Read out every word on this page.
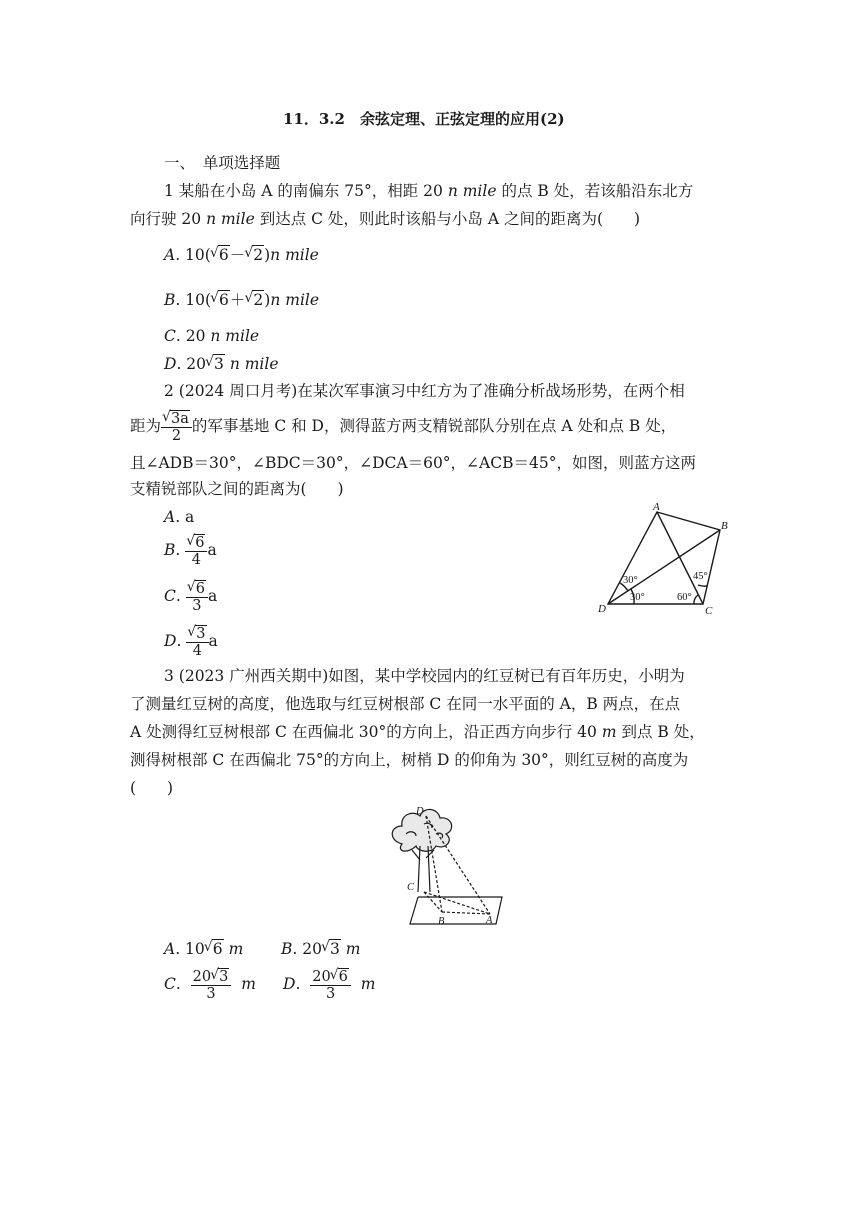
11．3.2　余弦定理、正弦定理的应用(2)
一、　单项选择题
1 某船在小岛 A 的南偏东 75°，相距 20 n mile 的点 B 处，若该船沿东北方
向行驶 20 n mile 到达点 C 处，则此时该船与小岛 A 之间的距离为(　　)
A. 10( √ 6－ √ 2)n mile
B. 10( √ 6＋ √ 2)n mile
C. 20 n mile
D. 20 √ 3 n mile
2 (2024 周口月考)在某次军事演习中红方为了准确分析战场形势，在两个相
距为 √ $\frac{3a}{2}$ 的军事基地 C 和 D，测得蓝方两支精锐部队分别在点 A 处和点 B 处，
且∠ADB＝30°，∠BDC＝30°，∠DCA＝60°，∠ACB＝45°，如图，则蓝方这两
支精锐部队之间的距离为(　　)
A. a
B. √ $\frac{6}{4}$ a
C. √ $\frac{6}{3}$ a
D. √ $\frac{3}{4}$ a
A
B
C
D
30°
30°	60°
45°
3 (2023 广州西关期中)如图，某中学校园内的红豆树已有百年历史，小明为
了测量红豆树的高度，他选取与红豆树根部 C 在同一水平面的 A，B 两点，在点
A 处测得红豆树根部 C 在西偏北 30°的方向上，沿正西方向步行 40 m 到点 B 处，
测得树根部 C 在西偏北 75°的方向上，树梢 D 的仰角为 30°，则红豆树的高度为
(　　)
D
C
B	A
A. 10 √ 6 m B. 20 √ 3 m
C. $\frac{20 √ 3}{3}$ m D. $\frac{20 √ 6}{3}$ m
